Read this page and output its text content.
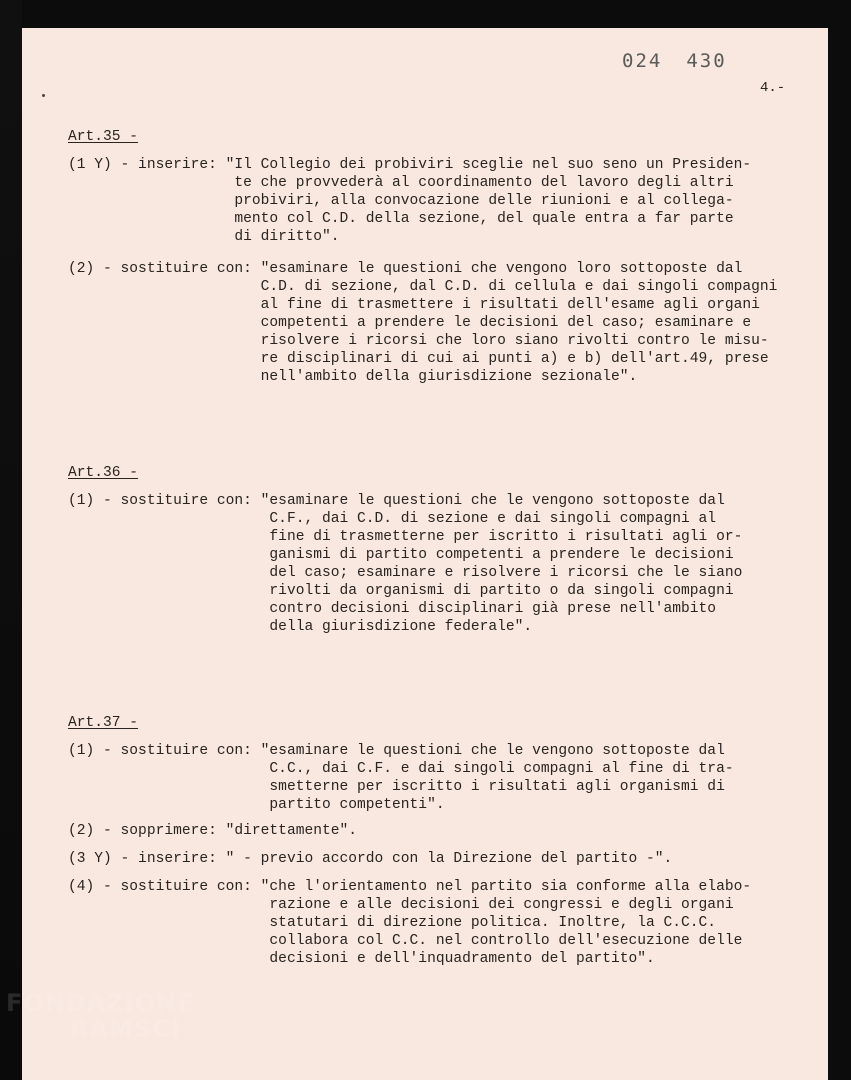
024 430
4.-
Art.35 -
(1 Y) - inserire: "Il Collegio dei probiviri sceglie nel suo seno un Presiden-
te che provvederà al coordinamento del lavoro degli altri
probiviri, alla convocazione delle riunioni e al collega-
mento col C.D. della sezione, del quale entra a far parte
di diritto".
(2) - sostituire con: "esaminare le questioni che vengono loro sottoposte dal
C.D. di sezione, dal C.D. di cellula e dai singoli compagni
al fine di trasmettere i risultati dell'esame agli organi
competenti a prendere le decisioni del caso; esaminare e
risolvere i ricorsi che loro siano rivolti contro le misu-
re disciplinari di cui ai punti a) e b) dell'art.49, prese
nell'ambito della giurisdizione sezionale".
Art.36 -
(1) - sostituire con: "esaminare le questioni che le vengono sottoposte dal
C.F., dai C.D. di sezione e dai singoli compagni al
fine di trasmetterne per iscritto i risultati agli or-
ganismi di partito competenti a prendere le decisioni
del caso; esaminare e risolvere i ricorsi che le siano
rivolti da organismi di partito o da singoli compagni
contro decisioni disciplinari già prese nell'ambito
della giurisdizione federale".
Art.37 -
(1) - sostituire con: "esaminare le questioni che le vengono sottoposte dal
C.C., dai C.F. e dai singoli compagni al fine di tra-
smetterne per iscritto i risultati agli organismi di
partito competenti".
(2) - sopprimere: "direttamente".
(3 Y) - inserire: " - previo accordo con la Direzione del partito -".
(4) - sostituire con: "che l'orientamento nel partito sia conforme alla elabo-
razione e alle decisioni dei congressi e degli organi
statutari di direzione politica. Inoltre, la C.C.C.
collabora col C.C. nel controllo dell'esecuzione delle
decisioni e dell'inquadramento del partito".
FONDAZIONE
RAMSCI
